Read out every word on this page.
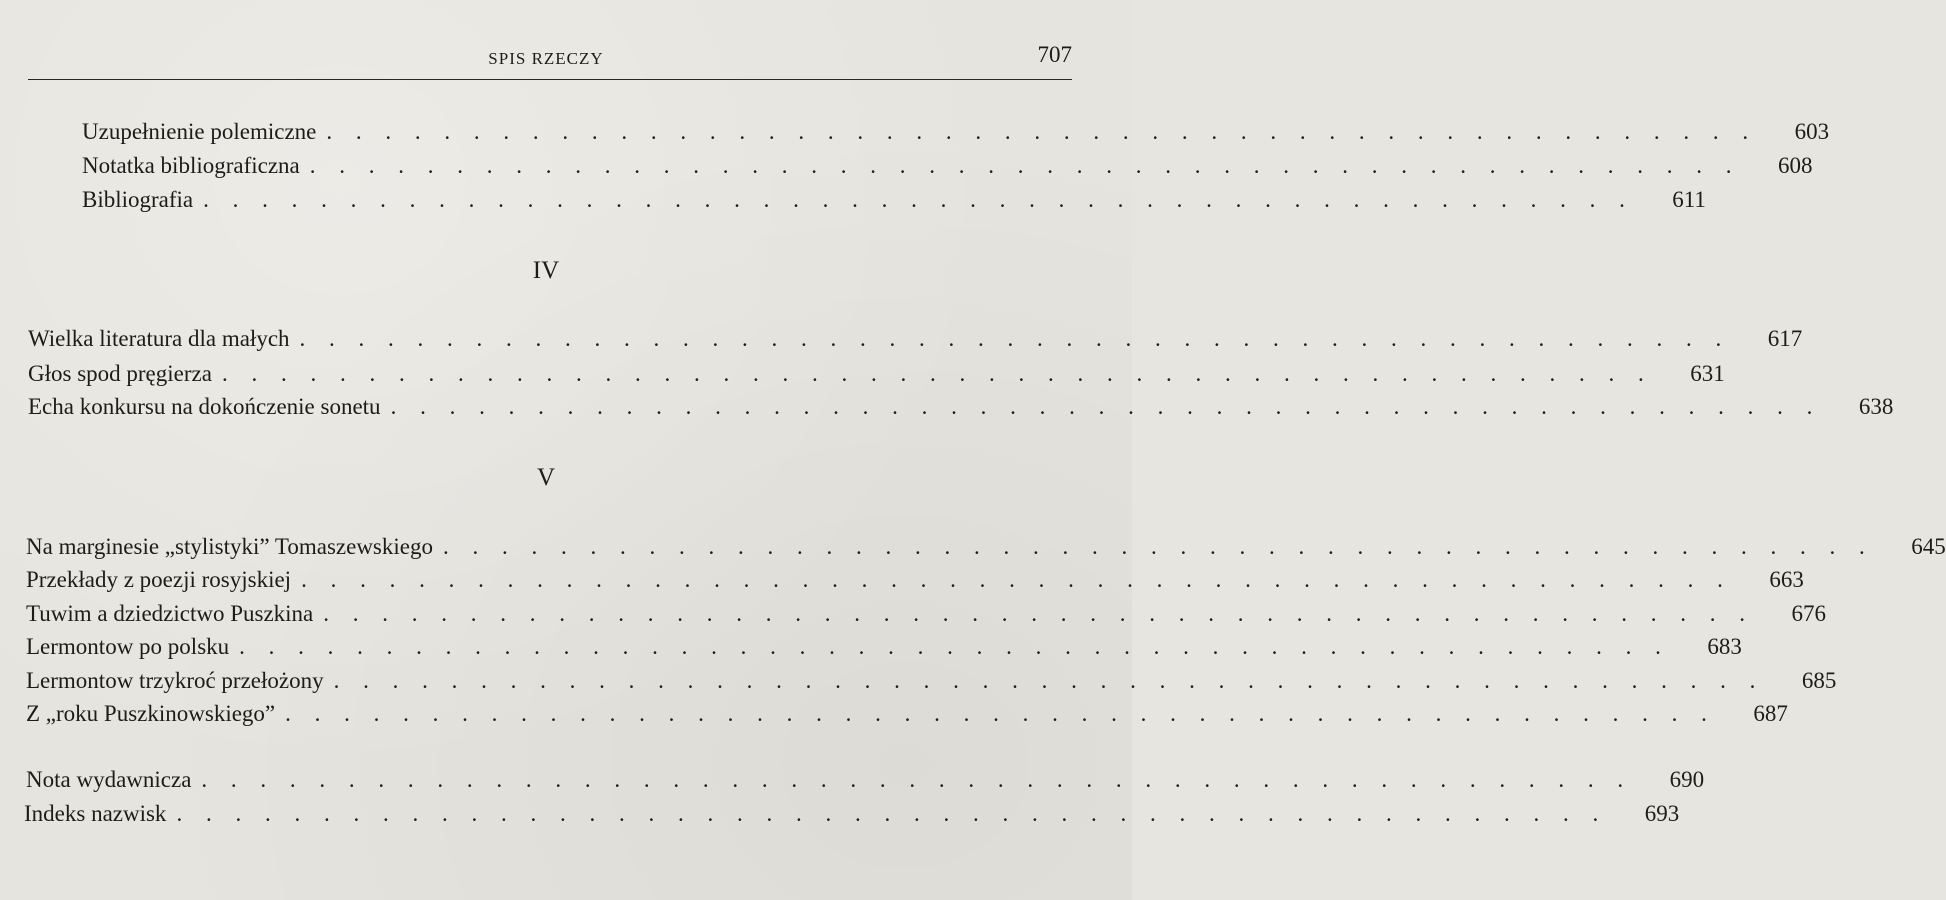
SPIS RZECZY	707
Uzupełnienie polemiczne . . . . . . . . . . . . . . . . . . . . . . . . . . . . . . . . . . . . . . . . . . . . . . . . .	603
Notatka bibliograficzna . . . . . . . . . . . . . . . . . . . . . . . . . . . . . . . . . . . . . . . . . . . . . . . . .	608
Bibliografia . . . . . . . . . . . . . . . . . . . . . . . . . . . . . . . . . . . . . . . . . . . . . . . . .	611
IV
Wielka literatura dla małych . . . . . . . . . . . . . . . . . . . . . . . . . . . . . . . . . . . . . . . . . . . . . . . . .	617
Głos spod pręgierza . . . . . . . . . . . . . . . . . . . . . . . . . . . . . . . . . . . . . . . . . . . . . . . . .	631
Echa konkursu na dokończenie sonetu . . . . . . . . . . . . . . . . . . . . . . . . . . . . . . . . . . . . . . . . . . . . . . . . .	638
V
Na marginesie „stylistyki” Tomaszewskiego . . . . . . . . . . . . . . . . . . . . . . . . . . . . . . . . . . . . . . . . . . . . . . . . .	645
Przekłady z poezji rosyjskiej . . . . . . . . . . . . . . . . . . . . . . . . . . . . . . . . . . . . . . . . . . . . . . . . .	663
Tuwim a dziedzictwo Puszkina . . . . . . . . . . . . . . . . . . . . . . . . . . . . . . . . . . . . . . . . . . . . . . . . .	676
Lermontow po polsku . . . . . . . . . . . . . . . . . . . . . . . . . . . . . . . . . . . . . . . . . . . . . . . . .	683
Lermontow trzykroć przełożony . . . . . . . . . . . . . . . . . . . . . . . . . . . . . . . . . . . . . . . . . . . . . . . . .	685
Z „roku Puszkinowskiego” . . . . . . . . . . . . . . . . . . . . . . . . . . . . . . . . . . . . . . . . . . . . . . . . .	687
Nota wydawnicza . . . . . . . . . . . . . . . . . . . . . . . . . . . . . . . . . . . . . . . . . . . . . . . . .	690
Indeks nazwisk . . . . . . . . . . . . . . . . . . . . . . . . . . . . . . . . . . . . . . . . . . . . . . . . .	693
